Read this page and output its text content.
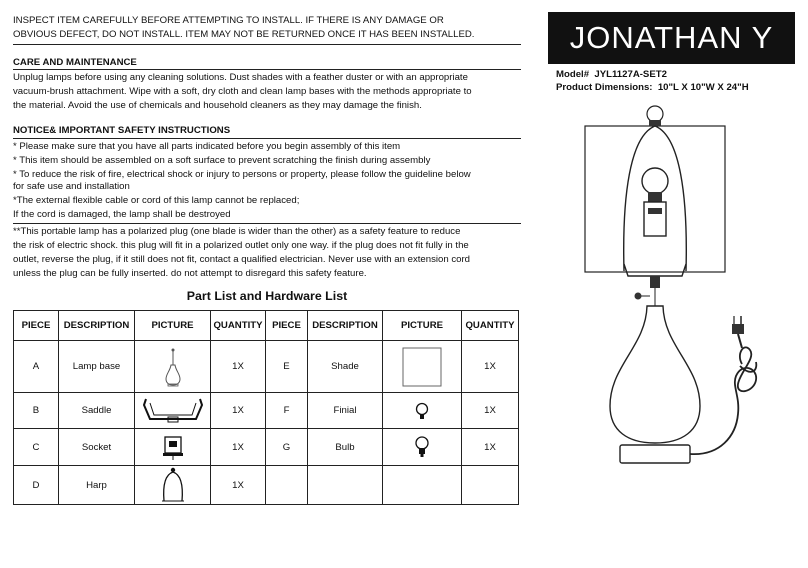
INSPECT ITEM CAREFULLY BEFORE ATTEMPTING TO INSTALL. IF THERE IS ANY DAMAGE OR
OBVIOUS DEFECT, DO NOT INSTALL. ITEM MAY NOT BE RETURNED ONCE IT HAS BEEN INSTALLED.
CARE AND MAINTENANCE
Unplug lamps before using any cleaning solutions. Dust shades with a feather duster or with an appropriate
vacuum-brush attachment. Wipe with a soft, dry cloth and clean lamp bases with the methods appropriate to
the material. Avoid the use of chemicals and household cleaners as they may damage the finish.
NOTICE& IMPORTANT SAFETY INSTRUCTIONS
* Please make sure that you have all parts indicated before you begin assembly of this item
* This item should be assembled on a soft surface to prevent scratching the finish during assembly
* To reduce the risk of fire, electrical shock or injury to persons or property, please follow the guideline below
for safe use and installation
*The external flexible cable or cord of this lamp cannot be replaced;
If the cord is damaged, the lamp shall be destroyed
**This portable lamp has a polarized plug (one blade is wider than the other) as a safety feature to reduce
the risk of electric shock. this plug will fit in a polarized outlet only one way. if the plug does not fit fully in the
outlet, reverse the plug, if it still does not fit, contact a qualified electrician. Never use with an extension cord
unless the plug can be fully inserted. do not attempt to disregard this safety feature.
Part List and Hardware List
PIECE	DESCRIPTION	PICTURE	QUANTITY	PIECE	DESCRIPTION	PICTURE	QUANTITY
A	Lamp base		1X	E	Shade		1X
B	Saddle		1X	F	Finial		1X
C	Socket		1X	G	Bulb		1X
D	Harp		1X				
JONATHAN Y
Model# JYL1127A-SET2
Product Dimensions: 10"L X 10"W X 24"H
